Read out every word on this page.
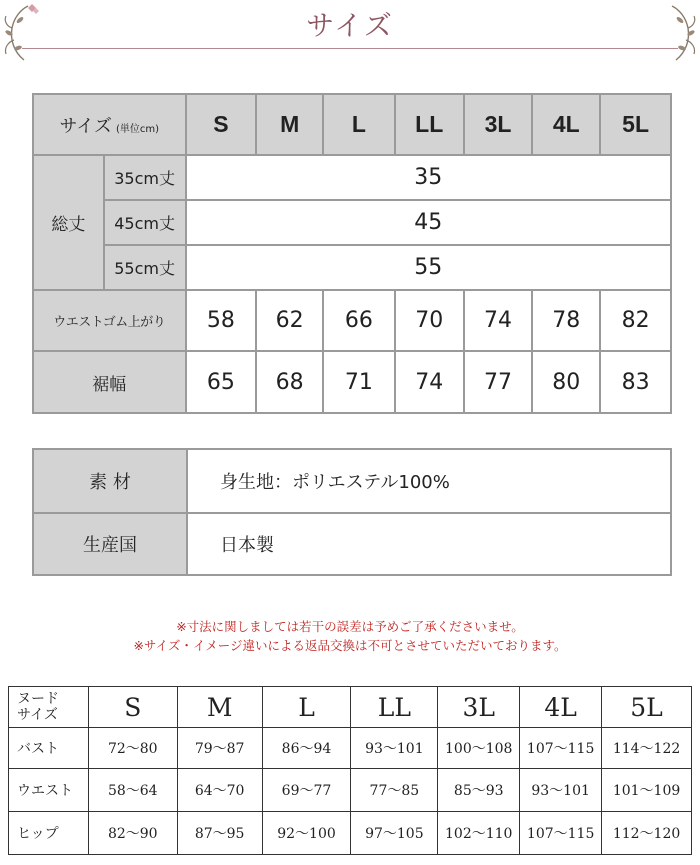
サイズ
サイズ (単位cm)		S	M	L	LL	3L	4L	5L
総丈	35cm丈	35						
	45cm丈	45						
	55cm丈	55						
ウエストゴム上がり		58	62	66	70	74	78	82
裾幅		65	68	71	74	77	80	83
素 材	身生地：ポリエステル100%
生産国	日本製
※寸法に関しましては若干の誤差は予めご了承くださいませ。
※サイズ・イメージ違いによる返品交換は不可とさせていただいております。
ヌード
サイズ	S	M	L	LL	3L	4L	5L
バスト	72～80	79～87	86～94	93～101	100～108	107～115	114～122
ウエスト	58～64	64～70	69～77	77～85	85～93	93～101	101～109
ヒップ	82～90	87～95	92～100	97～105	102～110	107～115	112～120
